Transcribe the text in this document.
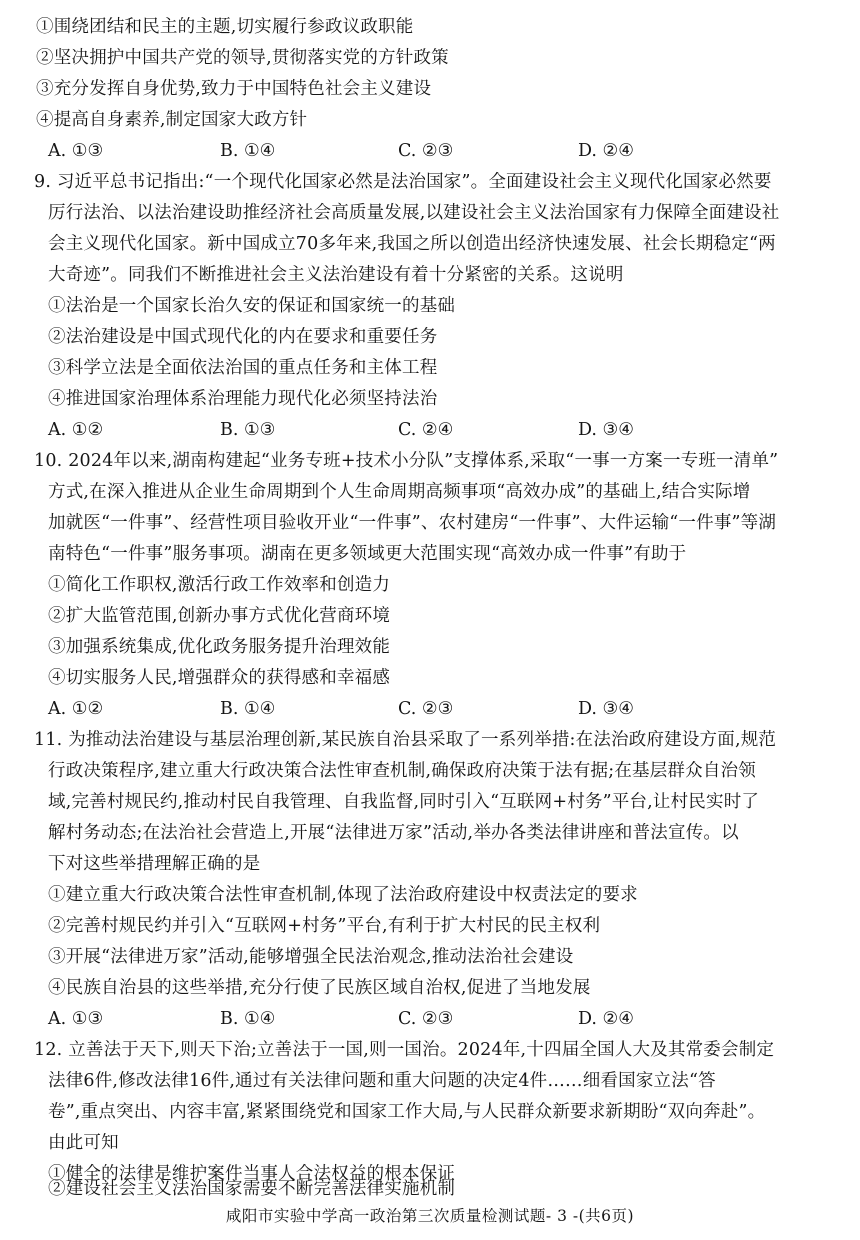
①围绕团结和民主的主题,切实履行参政议政职能
②坚决拥护中国共产党的领导,贯彻落实党的方针政策
③充分发挥自身优势,致力于中国特色社会主义建设
④提高自身素养,制定国家大政方针
A. ①③	B. ①④	C. ②③	D. ②④
9. 习近平总书记指出:“一个现代化国家必然是法治国家”。全面建设社会主义现代化国家必然要
厉行法治、以法治建设助推经济社会高质量发展,以建设社会主义法治国家有力保障全面建设社
会主义现代化国家。新中国成立70多年来,我国之所以创造出经济快速发展、社会长期稳定“两
大奇迹”。同我们不断推进社会主义法治建设有着十分紧密的关系。这说明
①法治是一个国家长治久安的保证和国家统一的基础
②法治建设是中国式现代化的内在要求和重要任务
③科学立法是全面依法治国的重点任务和主体工程
④推进国家治理体系治理能力现代化必须坚持法治
A. ①②	B. ①③	C. ②④	D. ③④
10. 2024年以来,湖南构建起“业务专班+技术小分队”支撑体系,采取“一事一方案一专班一清单”
方式,在深入推进从企业生命周期到个人生命周期高频事项“高效办成”的基础上,结合实际增
加就医“一件事”、经营性项目验收开业“一件事”、农村建房“一件事”、大件运输“一件事”等湖
南特色“一件事”服务事项。湖南在更多领域更大范围实现“高效办成一件事”有助于
①简化工作职权,激活行政工作效率和创造力
②扩大监管范围,创新办事方式优化营商环境
③加强系统集成,优化政务服务提升治理效能
④切实服务人民,增强群众的获得感和幸福感
A. ①②	B. ①④	C. ②③	D. ③④
11. 为推动法治建设与基层治理创新,某民族自治县采取了一系列举措:在法治政府建设方面,规范
行政决策程序,建立重大行政决策合法性审查机制,确保政府决策于法有据;在基层群众自治领
域,完善村规民约,推动村民自我管理、自我监督,同时引入“互联网+村务”平台,让村民实时了
解村务动态;在法治社会营造上,开展“法律进万家”活动,举办各类法律讲座和普法宣传。以
下对这些举措理解正确的是
①建立重大行政决策合法性审查机制,体现了法治政府建设中权责法定的要求
②完善村规民约并引入“互联网+村务”平台,有利于扩大村民的民主权利
③开展“法律进万家”活动,能够增强全民法治观念,推动法治社会建设
④民族自治县的这些举措,充分行使了民族区域自治权,促进了当地发展
A. ①③	B. ①④	C. ②③	D. ②④
12. 立善法于天下,则天下治;立善法于一国,则一国治。2024年,十四届全国人大及其常委会制定
法律6件,修改法律16件,通过有关法律问题和重大问题的决定4件……细看国家立法“答
卷”,重点突出、内容丰富,紧紧围绕党和国家工作大局,与人民群众新要求新期盼“双向奔赴”。
由此可知
①健全的法律是维护案件当事人合法权益的根本保证
②建设社会主义法治国家需要不断完善法律实施机制
咸阳市实验中学高一政治第三次质量检测试题- 3 -(共6页)
